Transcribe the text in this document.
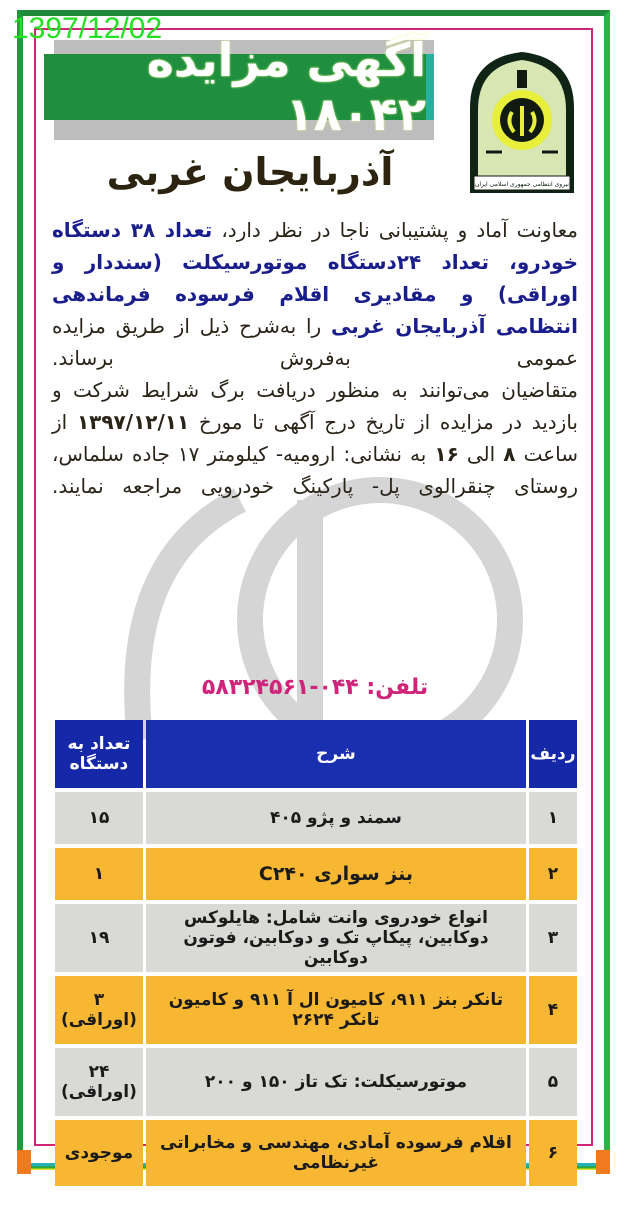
1397/12/02
آگهی مزایده ۱۸۰۴۲
آذربایجان غربی	نیروی انتظامی جمهوری اسلامی ایران

معاونت آماد و پشتیبانی ناجا در نظر دارد، تعداد ۳۸ دستگاه خودرو، تعداد ۲۴دستگاه موتورسیکلت (سنددار و اوراقی) و مقادیری اقلام فرسوده فرماندهی انتظامی آذربایجان غربی را به‌شرح ذیل از طریق مزایده عمومی به‌فروش برساند.

متقاضیان می‌توانند به منظور دریافت برگ شرایط شرکت و بازدید در مزایده از تاریخ درج آگهی تا مورخ ۱۳۹۷/۱۲/۱۱ از ساعت ۸ الی ۱۶ به نشانی: ارومیه- کیلومتر ۱۷ جاده سلماس، روستای چنقرالوی پل- پارکینگ خودرویی مراجعه نمایند.

تلفن: ۰۴۴-۵۸۳۲۴۵۶۱
ردیف	شرح	تعداد به دستگاه
۱	سمند و پژو ۴۰۵	۱۵
۲	بنز سواری C۲۴۰	۱
۳	انواع خودروی وانت شامل: هایلوکس دوکابین، پیکاپ تک و دوکابین، فوتون دوکابین	۱۹
۴	تانکر بنز ۹۱۱، کامیون ال آ ۹۱۱ و کامیون تانکر ۲۶۲۴	۳ (اوراقی)
۵	موتورسیکلت: تک تاز ۱۵۰ و ۲۰۰	۲۴ (اوراقی)
۶	اقلام فرسوده آمادی، مهندسی و مخابراتی غیرنظامی	موجودی
